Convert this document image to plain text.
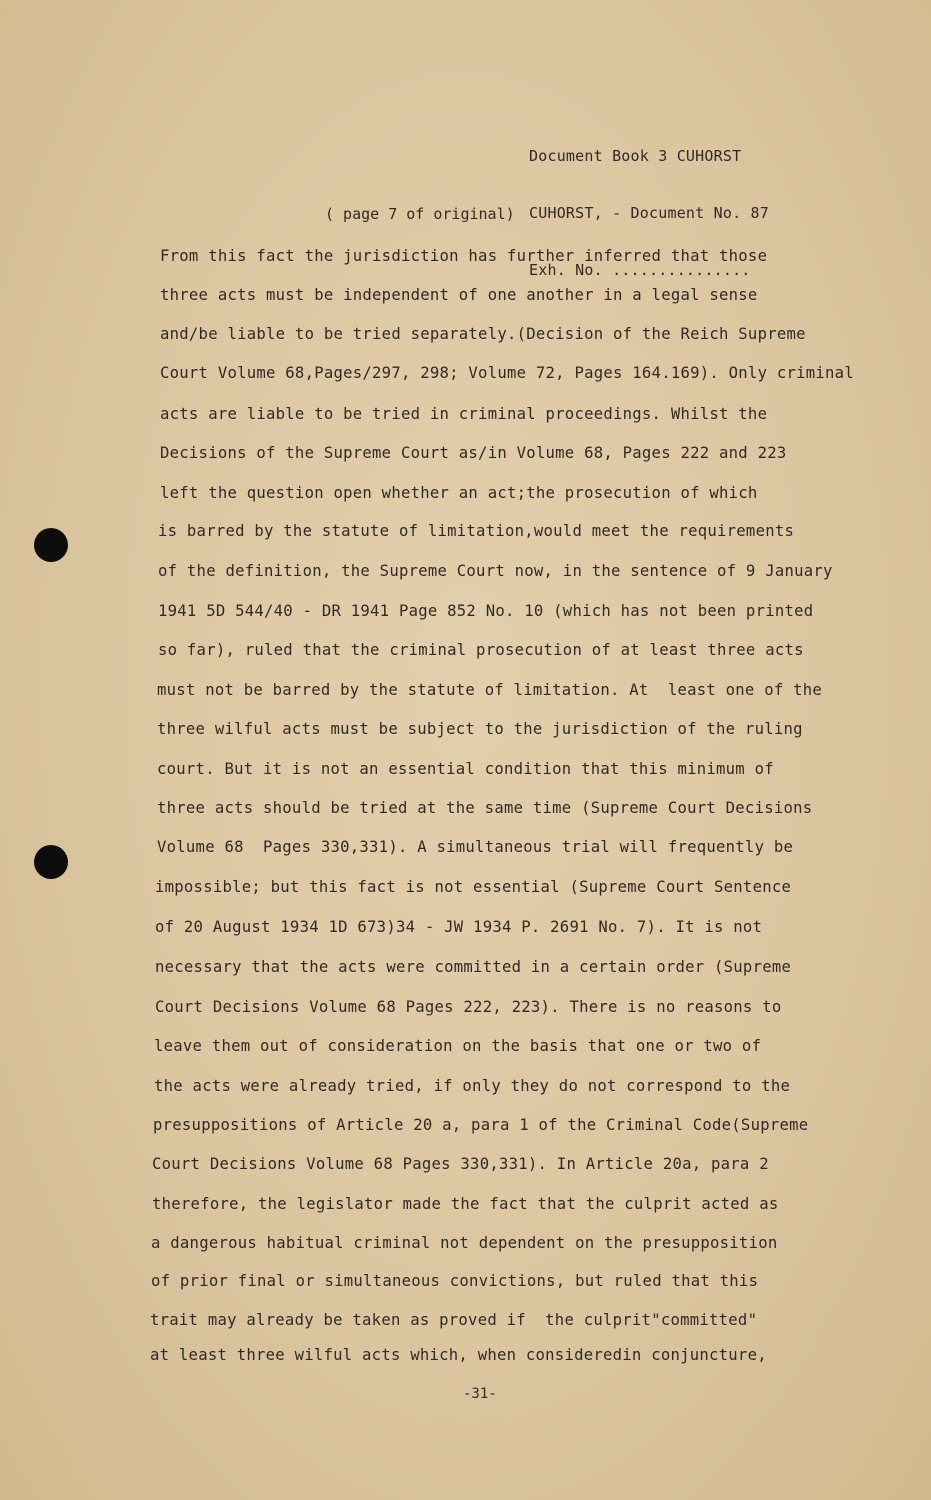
Document Book 3 CUHORST

CUHORST, - Document No. 87

Exh. No. ...............

( page 7 of original)
From this fact the jurisdiction has further inferred that those
three acts must be independent of one another in a legal sense
and/be liable to be tried separately.(Decision of the Reich Supreme
Court Volume 68,Pages/297, 298; Volume 72, Pages 164.169). Only criminal
acts are liable to be tried in criminal proceedings. Whilst the
Decisions of the Supreme Court as/in Volume 68, Pages 222 and 223
left the question open whether an act;the prosecution of which
is barred by the statute of limitation,would meet the requirements
of the definition, the Supreme Court now, in the sentence of 9 January
1941 5D 544/40 - DR 1941 Page 852 No. 10 (which has not been printed
so far), ruled that the criminal prosecution of at least three acts
must not be barred by the statute of limitation. At  least one of the
three wilful acts must be subject to the jurisdiction of the ruling
court. But it is not an essential condition that this minimum of
three acts should be tried at the same time (Supreme Court Decisions
Volume 68  Pages 330,331). A simultaneous trial will frequently be
impossible; but this fact is not essential (Supreme Court Sentence
of 20 August 1934 1D 673)34 - JW 1934 P. 2691 No. 7). It is not
necessary that the acts were committed in a certain order (Supreme
Court Decisions Volume 68 Pages 222, 223). There is no reasons to
leave them out of consideration on the basis that one or two of
the acts were already tried, if only they do not correspond to the
presuppositions of Article 20 a, para 1 of the Criminal Code(Supreme
Court Decisions Volume 68 Pages 330,331). In Article 20a, para 2
therefore, the legislator made the fact that the culprit acted as
a dangerous habitual criminal not dependent on the presupposition
of prior final or simultaneous convictions, but ruled that this
trait may already be taken as proved if  the culprit"committed"
at least three wilful acts which, when consideredin conjuncture,
-31-
